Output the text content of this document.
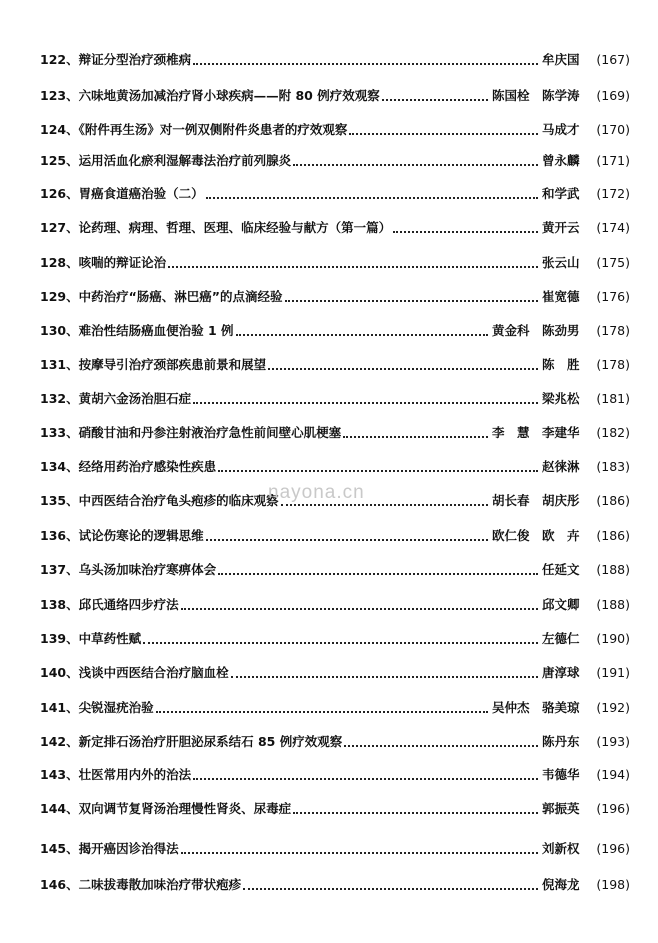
122、辩证分型治疗颈椎病	牟庆国	(167)
123、六味地黄汤加减治疗肾小球疾病——附 80 例疗效观察	陈国栓　陈学涛	(169)
124、《附件再生汤》对一例双侧附件炎患者的疗效观察	马成才	(170)
125、运用活血化瘀利湿解毒法治疗前列腺炎	曾永麟	(171)
126、胃癌食道癌治验（二）	和学武	(172)
127、论药理、病理、哲理、医理、临床经验与献方（第一篇）	黄开云	(174)
128、咳喘的辩证论治	张云山	(175)
129、中药治疗“肠癌、淋巴癌”的点滴经验	崔宽德	(176)
130、难治性结肠癌血便治验 1 例	黄金科　陈劲男	(178)
131、按摩导引治疗颈部疾患前景和展望	陈　胜	(178)
132、黄胡六金汤治胆石症	梁兆松	(181)
133、硝酸甘油和丹参注射液治疗急性前间壁心肌梗塞	李　慧　李建华	(182)
134、经络用药治疗感染性疾患	赵徕淋	(183)
135、中西医结合治疗龟头疱疹的临床观察	胡长春　胡庆彤	(186)
136、试论伤寒论的逻辑思维	欧仁俊　欧　卉	(186)
137、乌头汤加味治疗寒痹体会	任延文	(188)
138、邱氏通络四步疗法	邱文卿	(188)
139、中草药性赋	左德仁	(190)
140、浅谈中西医结合治疗脑血栓	唐淳球	(191)
141、尖锐湿疣治验	吴仲杰　骆美琼	(192)
142、新定排石汤治疗肝胆泌尿系结石 85 例疗效观察	陈丹东	(193)
143、壮医常用内外的治法	韦德华	(194)
144、双向调节复肾汤治理慢性肾炎、尿毒症	郭振英	(196)
145、揭开癌因诊治得法	刘新权	(196)
146、二味拔毒散加味治疗带状疱疹	倪海龙	(198)
nayona.cn
